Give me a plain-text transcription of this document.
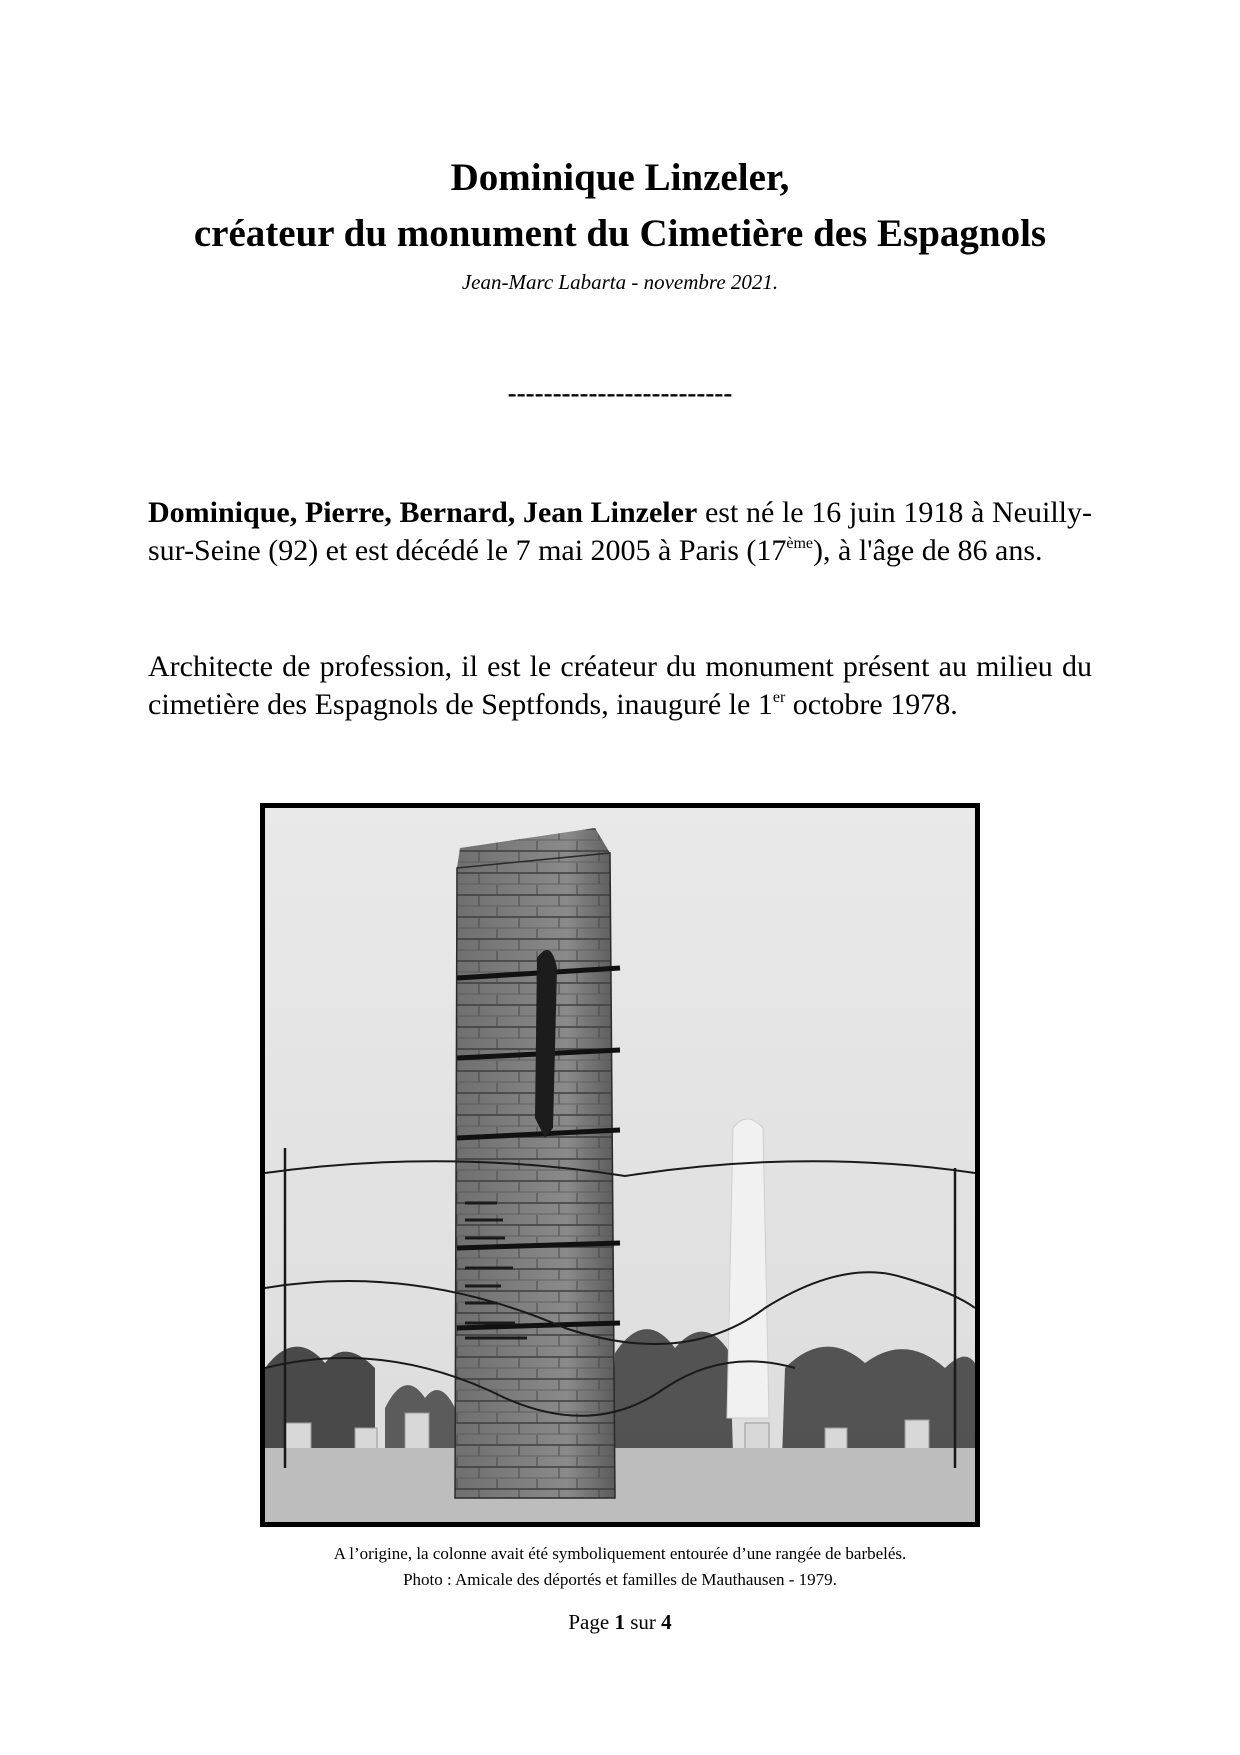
Dominique Linzeler,
créateur du monument du Cimetière des Espagnols

Jean-Marc Labarta - novembre 2021.

-------------------------

Dominique, Pierre, Bernard, Jean Linzeler est né le 16 juin 1918 à Neuilly-sur-Seine (92) et est décédé le 7 mai 2005 à Paris (17ème), à l'âge de 86 ans.

Architecte de profession, il est le créateur du monument présent au milieu du cimetière des Espagnols de Septfonds, inauguré le 1er octobre 1978.

A l’origine, la colonne avait été symboliquement entourée d’une rangée de barbelés.

Photo : Amicale des déportés et familles de Mauthausen - 1979.

Page 1 sur 4
